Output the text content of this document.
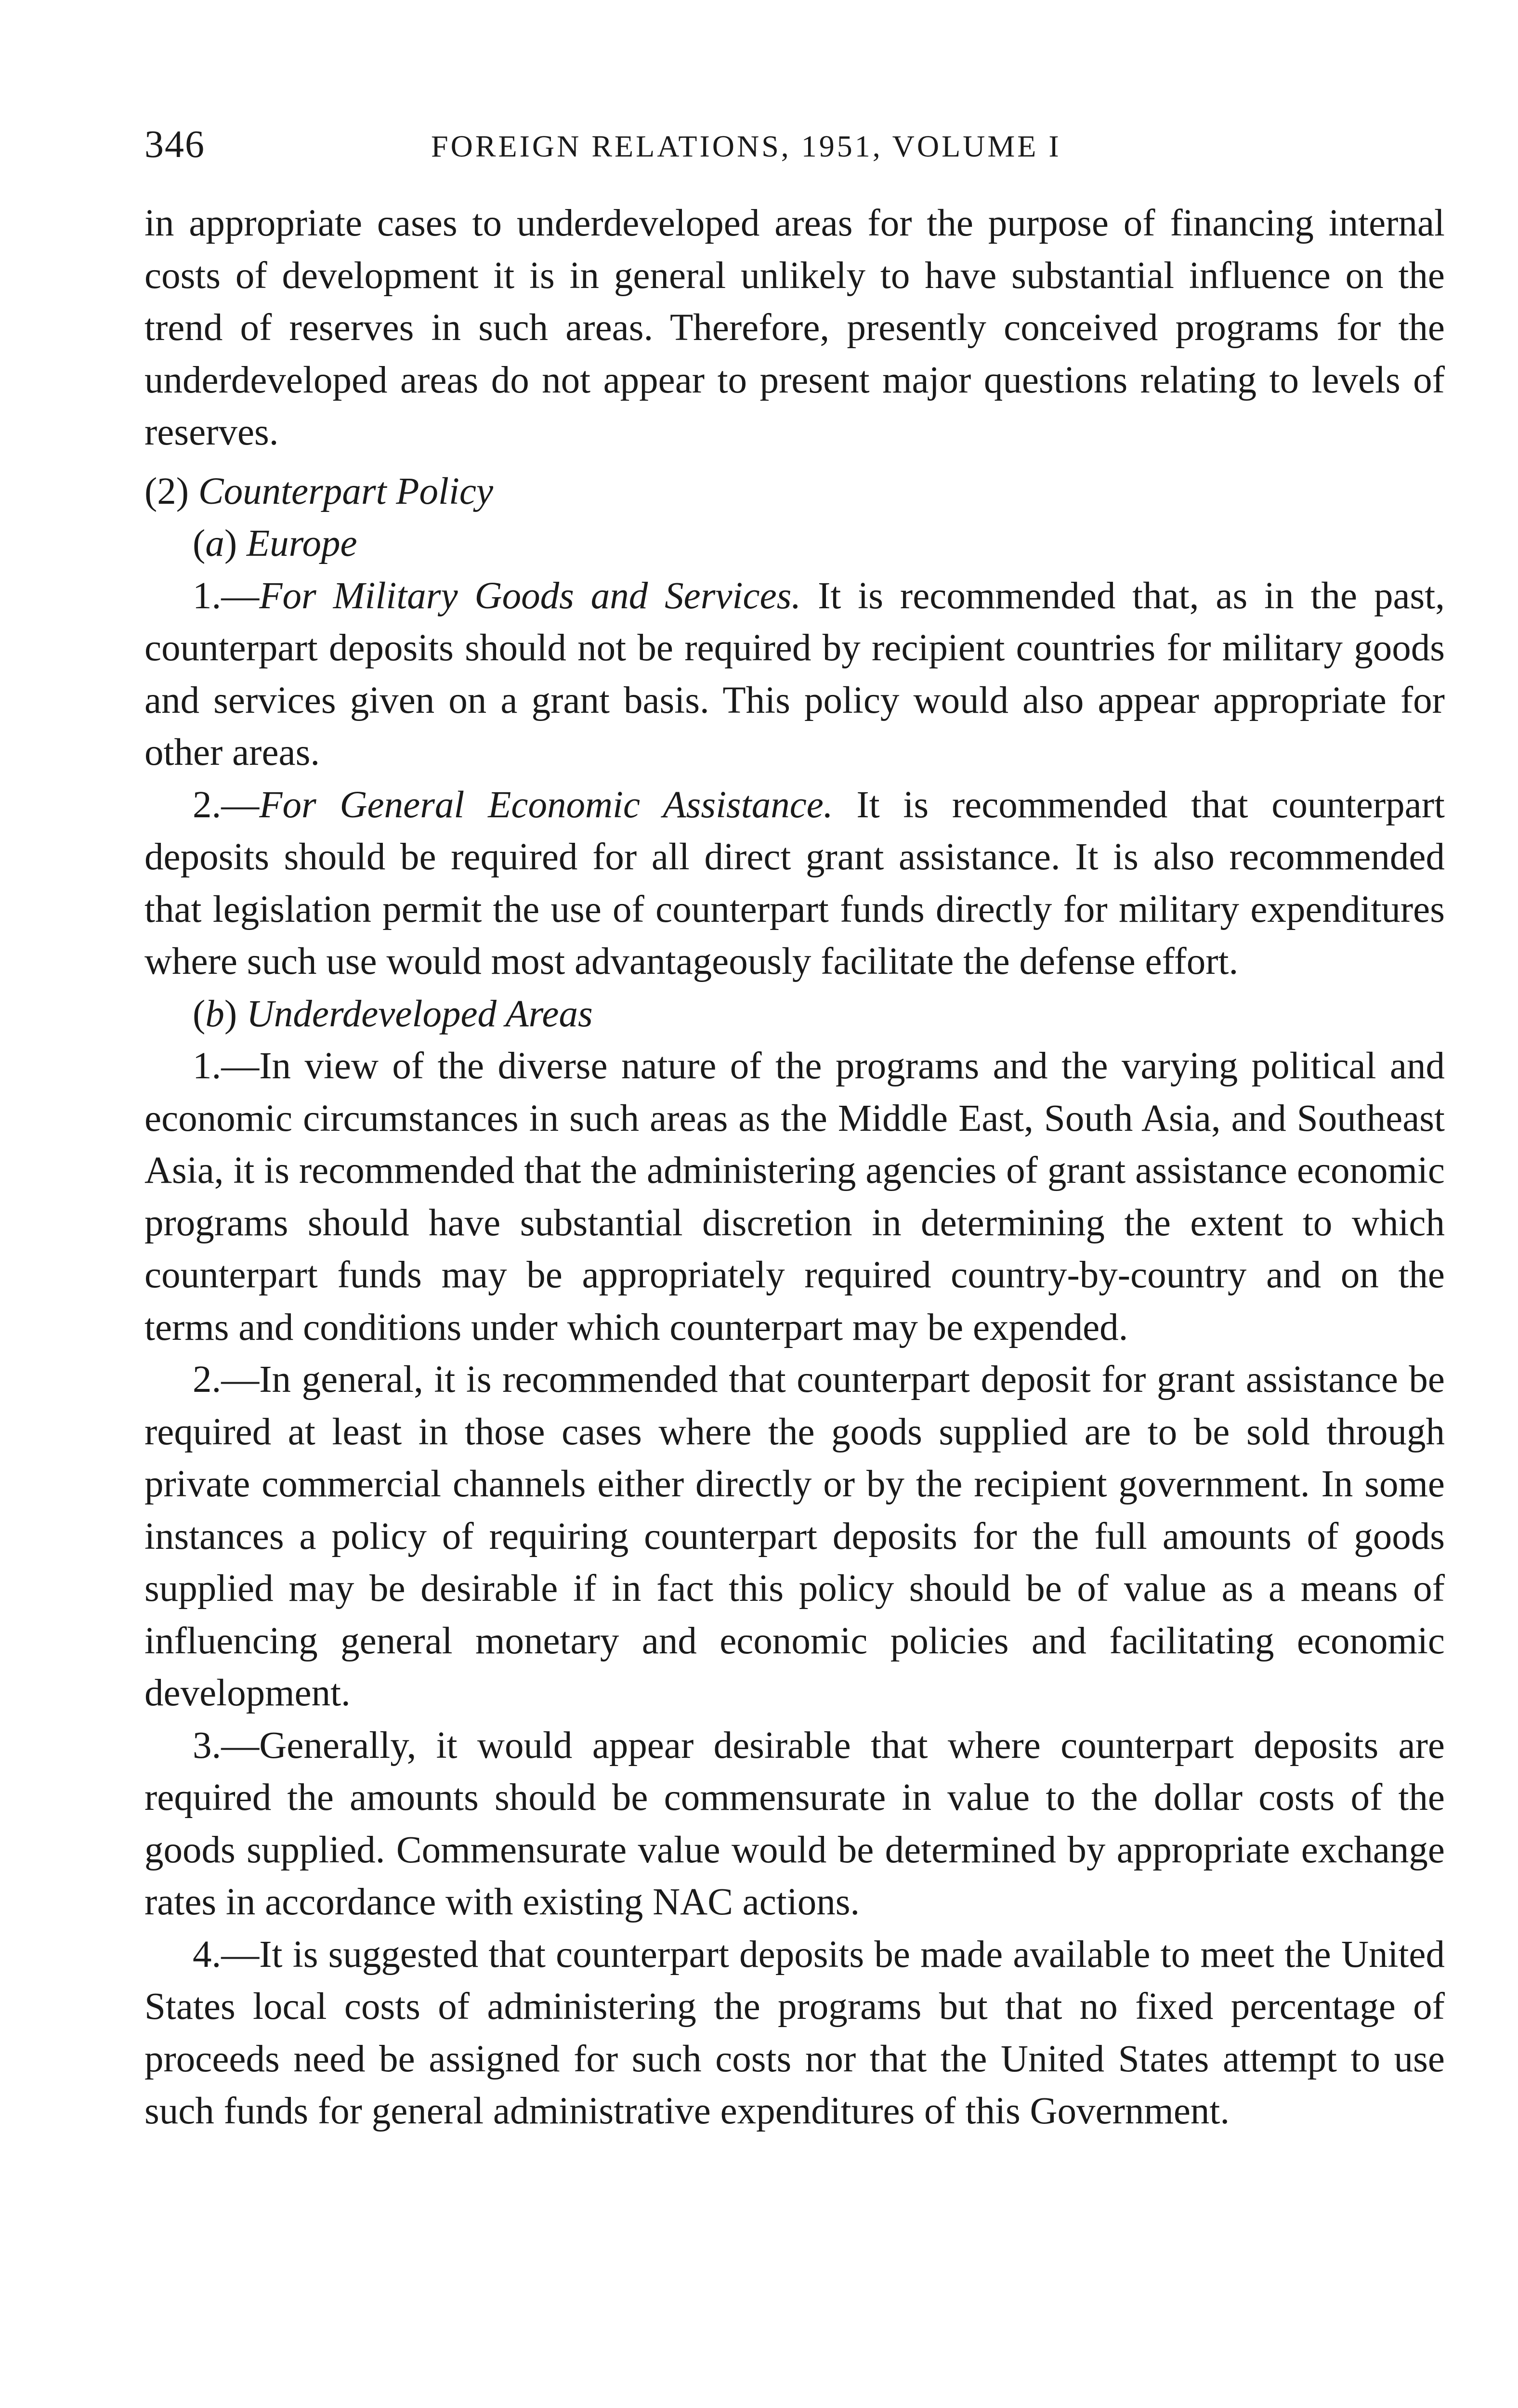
346	FOREIGN RELATIONS, 1951, VOLUME I

in appropriate cases to underdeveloped areas for the purpose of financing internal costs of development it is in general unlikely to have substantial influence on the trend of reserves in such areas. Therefore, presently conceived programs for the underdeveloped areas do not appear to present major questions relating to levels of reserves.

(2) Counterpart Policy

(a) Europe

1.—For Military Goods and Services. It is recommended that, as in the past, counterpart deposits should not be required by recipient countries for military goods and services given on a grant basis. This policy would also appear appropriate for other areas.

2.—For General Economic Assistance. It is recommended that counterpart deposits should be required for all direct grant assistance. It is also recommended that legislation permit the use of counterpart funds directly for military expenditures where such use would most advantageously facilitate the defense effort.

(b) Underdeveloped Areas

1.—In view of the diverse nature of the programs and the varying political and economic circumstances in such areas as the Middle East, South Asia, and Southeast Asia, it is recommended that the administering agencies of grant assistance economic programs should have substantial discretion in determining the extent to which counterpart funds may be appropriately required country-by-country and on the terms and conditions under which counterpart may be expended.

2.—In general, it is recommended that counterpart deposit for grant assistance be required at least in those cases where the goods supplied are to be sold through private commercial channels either directly or by the recipient government. In some instances a policy of requiring counterpart deposits for the full amounts of goods supplied may be desirable if in fact this policy should be of value as a means of influencing general monetary and economic policies and facilitating economic development.

3.—Generally, it would appear desirable that where counterpart deposits are required the amounts should be commensurate in value to the dollar costs of the goods supplied. Commensurate value would be determined by appropriate exchange rates in accordance with existing NAC actions.

4.—It is suggested that counterpart deposits be made available to meet the United States local costs of administering the programs but that no fixed percentage of proceeds need be assigned for such costs nor that the United States attempt to use such funds for general administrative expenditures of this Government.
